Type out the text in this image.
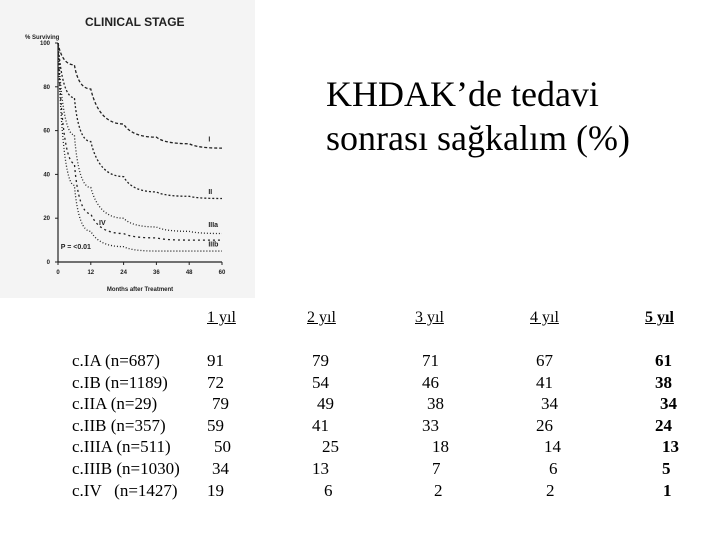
CLINICAL STAGE
% Surviving
Months after Treatment
0
20
40
60
80
100
0	12	24	36	48	60
I
II
IIIa
IV
IIIb
P = <0.01
KHDAK’de tedavi
sonrası sağkalım (%)
1 yıl	2 yıl	3 yıl	4 yıl	5 yıl
c.IA (n=687)	91	79	71	67	61
c.IB (n=1189) 72	54	46	41	38
c.IIA (n=29)	79	49	38	34	34
c.IIB (n=357) 59	41	33	26	24
c.IIIA (n=511)	50	25	18	14	13
c.IIIB (n=1030) 34	13	7	6	5
c.IV   (n=1427) 19	6	2	2	1
